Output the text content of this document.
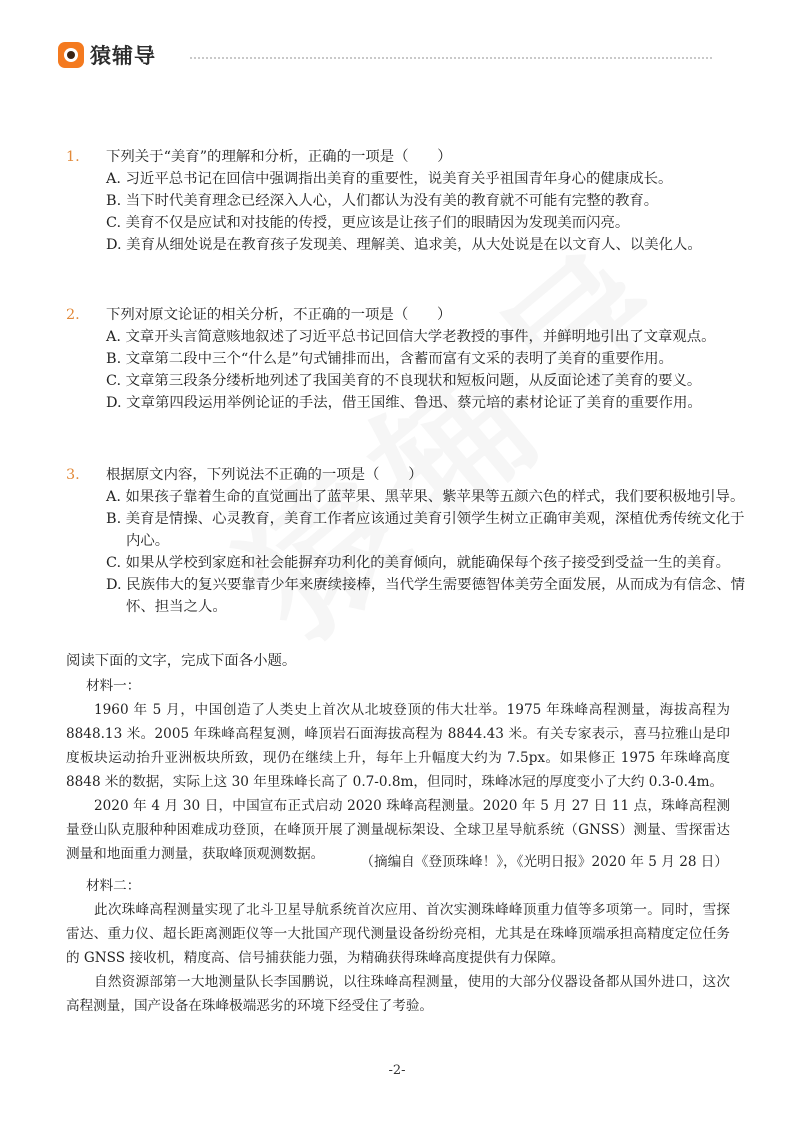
猿辅导
1. 下列关于“美育”的理解和分析，正确的一项是（　　）
A. 习近平总书记在回信中强调指出美育的重要性，说美育关乎祖国青年身心的健康成长。
B. 当下时代美育理念已经深入人心，人们都认为没有美的教育就不可能有完整的教育。
C. 美育不仅是应试和对技能的传授，更应该是让孩子们的眼睛因为发现美而闪亮。
D. 美育从细处说是在教育孩子发现美、理解美、追求美，从大处说是在以文育人、以美化人。
2. 下列对原文论证的相关分析，不正确的一项是（　　）
A. 文章开头言简意赅地叙述了习近平总书记回信大学老教授的事件，并鲜明地引出了文章观点。
B. 文章第二段中三个“什么是”句式铺排而出，含蓄而富有文采的表明了美育的重要作用。
C. 文章第三段条分缕析地列述了我国美育的不良现状和短板问题，从反面论述了美育的要义。
D. 文章第四段运用举例论证的手法，借王国维、鲁迅、蔡元培的素材论证了美育的重要作用。
3. 根据原文内容，下列说法不正确的一项是（　　）
A. 如果孩子靠着生命的直觉画出了蓝苹果、黑苹果、紫苹果等五颜六色的样式，我们要积极地引导。
B. 美育是情操、心灵教育，美育工作者应该通过美育引领学生树立正确审美观，深植优秀传统文化于内心。
C. 如果从学校到家庭和社会能摒弃功利化的美育倾向，就能确保每个孩子接受到受益一生的美育。
D. 民族伟大的复兴要靠青少年来赓续接棒，当代学生需要德智体美劳全面发展，从而成为有信念、情怀、担当之人。
阅读下面的文字，完成下面各小题。
材料一：
1960 年 5 月，中国创造了人类史上首次从北坡登顶的伟大壮举。1975 年珠峰高程测量，海拔高程为 8848.13 米。2005 年珠峰高程复测，峰顶岩石面海拔高程为 8844.43 米。有关专家表示，喜马拉雅山是印度板块运动抬升亚洲板块所致，现仍在继续上升，每年上升幅度大约为 7.5px。如果修正 1975 年珠峰高度 8848 米的数据，实际上这 30 年里珠峰长高了 0.7-0.8m，但同时，珠峰冰冠的厚度变小了大约 0.3-0.4m。
2020 年 4 月 30 日，中国宣布正式启动 2020 珠峰高程测量。2020 年 5 月 27 日 11 点，珠峰高程测量登山队克服种种困难成功登顶，在峰顶开展了测量觇标架设、全球卫星导航系统（GNSS）测量、雪探雷达测量和地面重力测量，获取峰顶观测数据。	（摘编自《登顶珠峰！》，《光明日报》2020 年 5 月 28 日）
材料二：
此次珠峰高程测量实现了北斗卫星导航系统首次应用、首次实测珠峰峰顶重力值等多项第一。同时，雪探雷达、重力仪、超长距离测距仪等一大批国产现代测量设备纷纷亮相，尤其是在珠峰顶端承担高精度定位任务的 GNSS 接收机，精度高、信号捕获能力强，为精确获得珠峰高度提供有力保障。
自然资源部第一大地测量队长李国鹏说，以往珠峰高程测量，使用的大部分仪器设备都从国外进口，这次高程测量，国产设备在珠峰极端恶劣的环境下经受住了考验。
-2-
